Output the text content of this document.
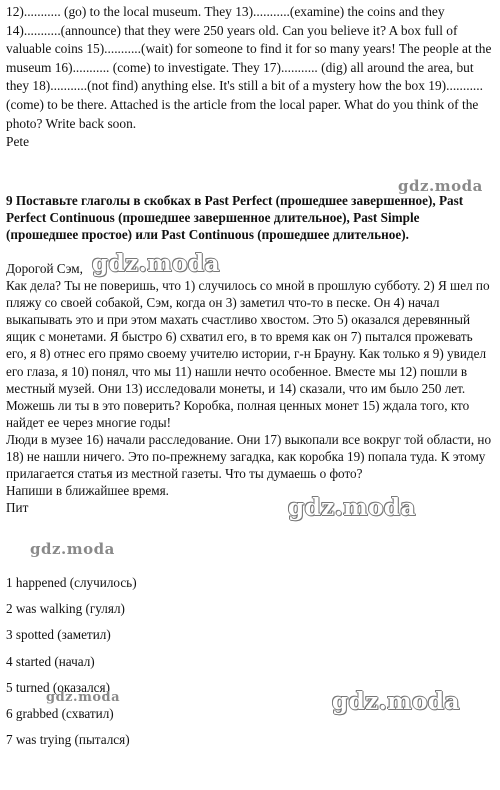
12)........... (go) to the local museum. They 13)...........(examine) the coins and they 14)...........(announce) that they were 250 years old. Can you believe it? A box full of valuable coins 15)...........(wait) for someone to find it for so many years! The people at the museum 16)........... (come) to investigate. They 17)........... (dig) all around the area, but they 18)...........(not find) anything else. It's still a bit of a mystery how the box 19)...........(come) to be there. Attached is the article from the local paper. What do you think of the photo? Write back soon.
Pete

9 Поставьте глаголы в скобках в Past Perfect (прошедшее завершенное), Past Perfect Continuous (прошедшее завершенное длительное), Past Simple (прошедшее простое) или Past Continuous (прошедшее длительное).

Дорогой Сэм,
Как дела? Ты не поверишь, что 1) случилось со мной в прошлую субботу. 2) Я шел по пляжу со своей собакой, Сэм, когда он 3) заметил что-то в песке. Он 4) начал выкапывать это и при этом махать счастливо хвостом. Это 5) оказался деревянный ящик с монетами. Я быстро 6) схватил его, в то время как он 7) пытался прожевать его, я 8) отнес его прямо своему учителю истории, г-н Брауну. Как только я 9) увидел его глаза, я 10) понял, что мы 11) нашли нечто особенное. Вместе мы 12) пошли в местный музей. Они 13) исследовали монеты, и 14) сказали, что им было 250 лет. Можешь ли ты в это поверить? Коробка, полная ценных монет 15) ждала того, кто найдет ее через многие годы!
Люди в музее 16) начали расследование. Они 17) выкопали все вокруг той области, но 18) не нашли ничего. Это по-прежнему загадка, как коробка 19) попала туда. К этому прилагается статья из местной газеты. Что ты думаешь о фото?
Напиши в ближайшее время.
Пит
1 happened (случилось)
2 was walking (гулял)
3 spotted (заметил)
4 started (начал)
5 turned (оказался)
6 grabbed (схватил)
7 was trying (пытался)
gdz.moda
gdz.moda
gdz.moda
gdz.moda
gdz.moda	gdz.moda
